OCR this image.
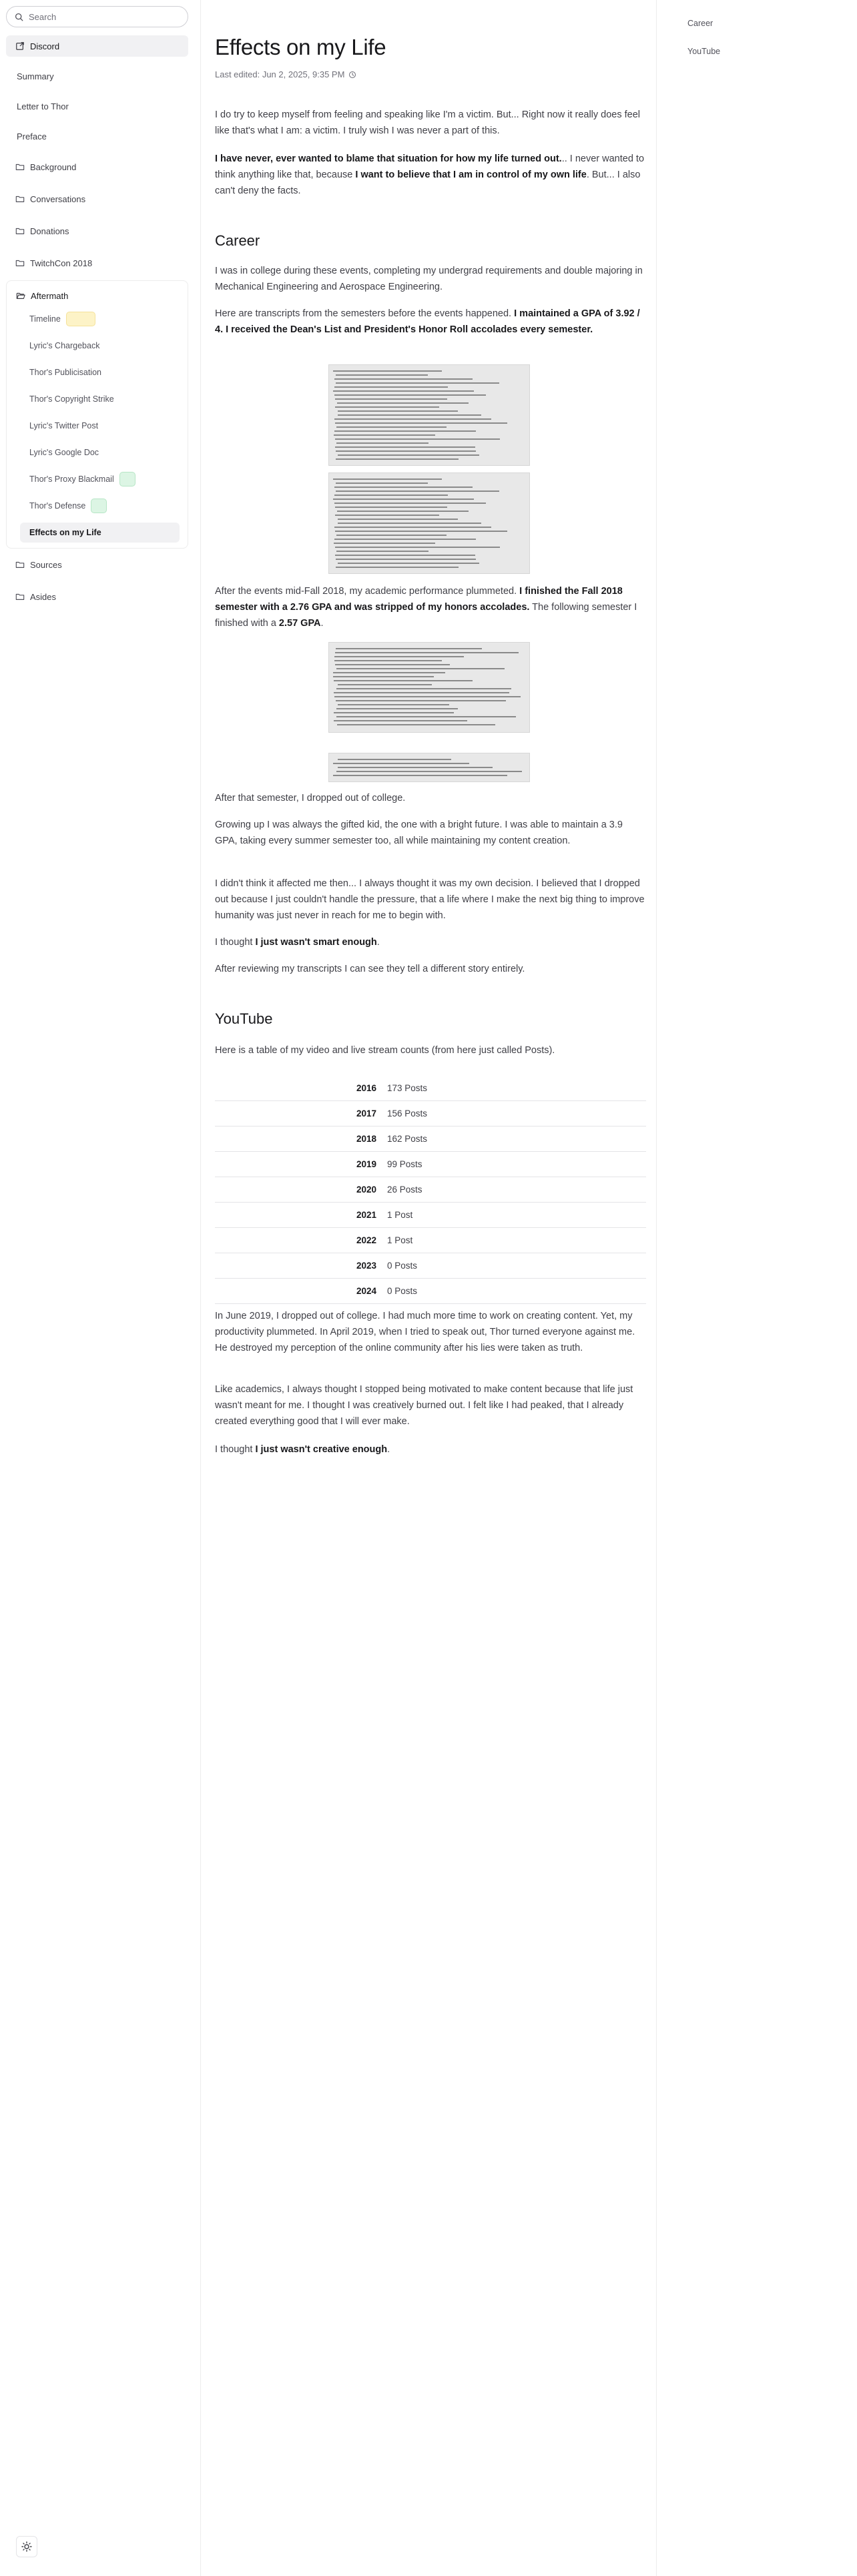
Search
Discord
Summary
Letter to Thor
Preface
Background
Conversations
Donations
TwitchCon 2018
Aftermath
Timeline
Lyric's Chargeback
Thor's Publicisation
Thor's Copyright Strike
Lyric's Twitter Post
Lyric's Google Doc
Thor's Proxy Blackmail
Thor's Defense
Effects on my Life
Sources
Asides
Effects on my Life
Last edited: Jun 2, 2025, 9:35 PM

I do try to keep myself from feeling and speaking like I'm a victim. But... Right now it really does feel like that's what I am: a victim. I truly wish I was never a part of this.

I have never, ever wanted to blame that situation for how my life turned out... I never wanted to think anything like that, because I want to believe that I am in control of my own life. But... I also can't deny the facts.

Career

I was in college during these events, completing my undergrad requirements and double majoring in Mechanical Engineering and Aerospace Engineering.

Here are transcripts from the semesters before the events happened. I maintained a GPA of 3.92 / 4. I received the Dean's List and President's Honor Roll accolades every semester.

After the events mid-Fall 2018, my academic performance plummeted. I finished the Fall 2018 semester with a 2.76 GPA and was stripped of my honors accolades. The following semester I finished with a 2.57 GPA.

After that semester, I dropped out of college.

Growing up I was always the gifted kid, the one with a bright future. I was able to maintain a 3.9 GPA, taking every summer semester too, all while maintaining my content creation.

I didn't think it affected me then... I always thought it was my own decision. I believed that I dropped out because I just couldn't handle the pressure, that a life where I make the next big thing to improve humanity was just never in reach for me to begin with.

I thought I just wasn't smart enough.

After reviewing my transcripts I can see they tell a different story entirely.

YouTube

Here is a table of my video and live stream counts (from here just called Posts).

2016	173 Posts
2017	156 Posts
2018	162 Posts
2019	99 Posts
2020	26 Posts
2021	1 Post
2022	1 Post
2023	0 Posts
2024	0 Posts

In June 2019, I dropped out of college. I had much more time to work on creating content. Yet, my productivity plummeted. In April 2019, when I tried to speak out, Thor turned everyone against me. He destroyed my perception of the online community after his lies were taken as truth.

Like academics, I always thought I stopped being motivated to make content because that life just wasn't meant for me. I thought I was creatively burned out. I felt like I had peaked, that I already created everything good that I will ever make.

I thought I just wasn't creative enough.

Career
YouTube
